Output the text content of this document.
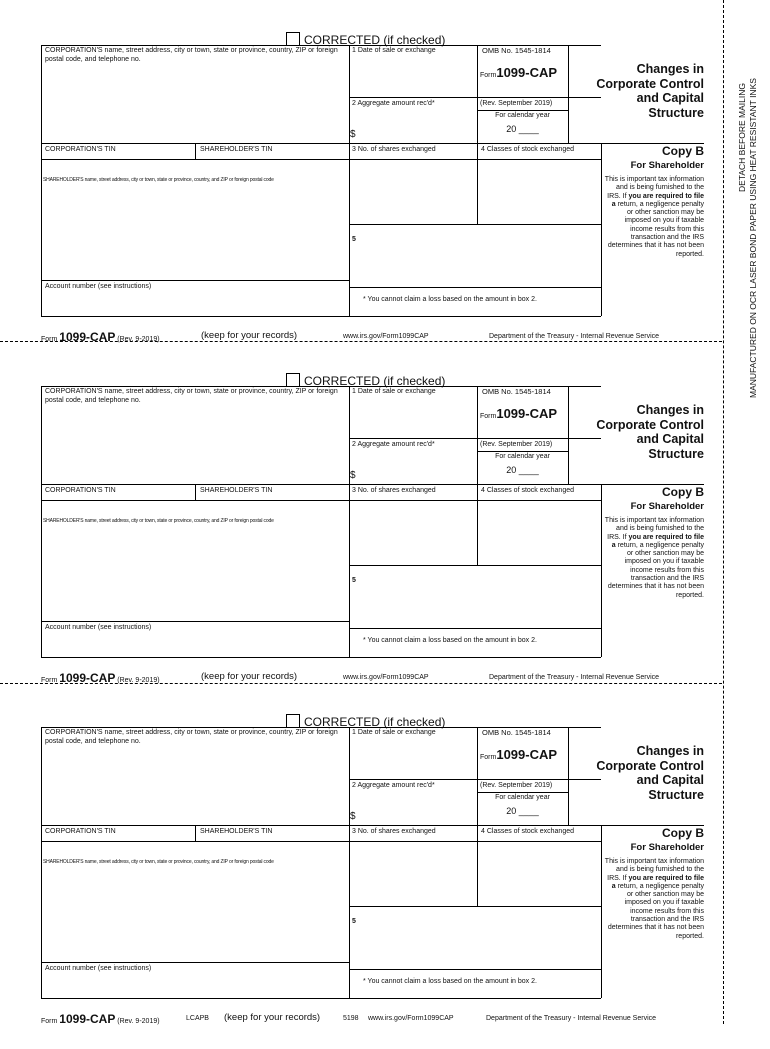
CORRECTED (if checked)
CORPORATION'S name, street address, city or town, state or province, country, ZIP or foreign postal code, and telephone no.
1 Date of sale or exchange	OMB No. 1545-1814
Form1099-CAP
(Rev. September 2019)
For calendar year
20 ____
2 Aggregate amount rec'd*
$
Changes in Corporate Control and Capital Structure
CORPORATION'S TIN	SHAREHOLDER'S TIN	3 No. of shares exchanged	4 Classes of stock exchanged	Copy B
For Shareholder
This is important tax information and is being furnished to the IRS. If you are required to file a return, a negligence penalty or other sanction may be imposed on you if taxable income results from this transaction and the IRS determines that it has not been reported.
SHAREHOLDER'S name, street address, city or town, state or province, country, and ZIP or foreign postal code
5
Account number (see instructions)
* You cannot claim a loss based on the amount in box 2.
Form 1099-CAP (Rev. 9-2019)	(keep for your records)	www.irs.gov/Form1099CAP	Department of the Treasury - Internal Revenue Service
CORRECTED (if checked)
CORPORATION'S name, street address, city or town, state or province, country, ZIP or foreign postal code, and telephone no.
1 Date of sale or exchange	OMB No. 1545-1814
Form1099-CAP
(Rev. September 2019)
For calendar year
20 ____
2 Aggregate amount rec'd*
$
Changes in Corporate Control and Capital Structure
CORPORATION'S TIN	SHAREHOLDER'S TIN	3 No. of shares exchanged	4 Classes of stock exchanged	Copy B
For Shareholder
This is important tax information and is being furnished to the IRS. If you are required to file a return, a negligence penalty or other sanction may be imposed on you if taxable income results from this transaction and the IRS determines that it has not been reported.
SHAREHOLDER'S name, street address, city or town, state or province, country, and ZIP or foreign postal code
5
Account number (see instructions)
* You cannot claim a loss based on the amount in box 2.
Form 1099-CAP (Rev. 9-2019)	(keep for your records)	www.irs.gov/Form1099CAP	Department of the Treasury - Internal Revenue Service
CORRECTED (if checked)
CORPORATION'S name, street address, city or town, state or province, country, ZIP or foreign postal code, and telephone no.
1 Date of sale or exchange	OMB No. 1545-1814
Form1099-CAP
(Rev. September 2019)
For calendar year
20 ____
2 Aggregate amount rec'd*
$
Changes in Corporate Control and Capital Structure
CORPORATION'S TIN	SHAREHOLDER'S TIN	3 No. of shares exchanged	4 Classes of stock exchanged	Copy B
For Shareholder
This is important tax information and is being furnished to the IRS. If you are required to file a return, a negligence penalty or other sanction may be imposed on you if taxable income results from this transaction and the IRS determines that it has not been reported.
SHAREHOLDER'S name, street address, city or town, state or province, country, and ZIP or foreign postal code
5
Account number (see instructions)
* You cannot claim a loss based on the amount in box 2.
Form 1099-CAP (Rev. 9-2019)	LCAPB (keep for your records)	5198 www.irs.gov/Form1099CAP	Department of the Treasury - Internal Revenue Service
DETACH BEFORE MAILING MANUFACTURED ON OCR LASER BOND PAPER USING HEAT RESISTANT INKS
